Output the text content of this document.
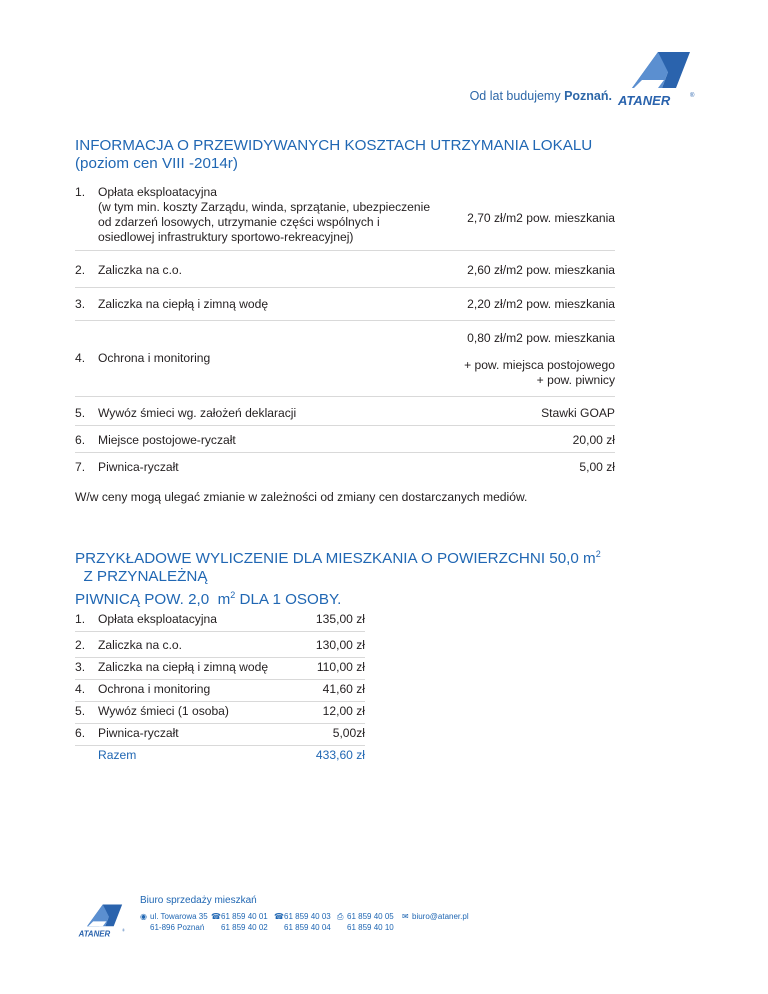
Od lat budujemy Poznań. ATANER	®
INFORMACJA O PRZEWIDYWANYCH KOSZTACH UTRZYMANIA LOKALU
(poziom cen VIII -2014r)
1.	Opłata eksploatacyjna
(w tym min. koszty Zarządu, winda, sprzątanie, ubezpieczenie
od zdarzeń losowych, utrzymanie części wspólnych i
osiedlowej infrastruktury sportowo-rekreacyjnej)
2,70 zł/m2 pow. mieszkania
2.	Zaliczka na c.o.	2,60 zł/m2 pow. mieszkania
3.	Zaliczka na ciepłą i zimną wodę	2,20 zł/m2 pow. mieszkania
4.	Ochrona i monitoring
0,80 zł/m2 pow. mieszkania
+ pow. miejsca postojowego
+ pow. piwnicy
5.	Wywóz śmieci wg. założeń deklaracji	Stawki GOAP
6.	Miejsce postojowe-ryczałt	20,00 zł
7.	Piwnica-ryczałt	5,00 zł
W/w ceny mogą ulegać zmianie w zależności od zmiany cen dostarczanych mediów.
PRZYKŁADOWE WYLICZENIE DLA MIESZKANIA O POWIERZCHNI 50,0 $m^2$  Z PRZYNALEŻNĄ
PIWNICĄ POW. 2,0  $m^2$ DLA 1 OSOBY.
1.	Opłata eksploatacyjna	135,00 zł
2.	Zaliczka na c.o.	130,00 zł
3.	Zaliczka na ciepłą i zimną wodę	110,00 zł
4.	Ochrona i monitoring	41,60 zł
5.	Wywóz śmieci (1 osoba)	12,00 zł
6.	Piwnica-ryczałt	5,00zł
Razem	433,60 zł
ATANER ®
Biuro sprzedaży mieszkań
◉ ul. Towarowa 35
61-896 Poznań
☎61 859 40 01
61 859 40 02
☎61 859 40 03
61 859 40 04
⎙ 61 859 40 05
61 859 40 10
✉ biuro@ataner.pl
